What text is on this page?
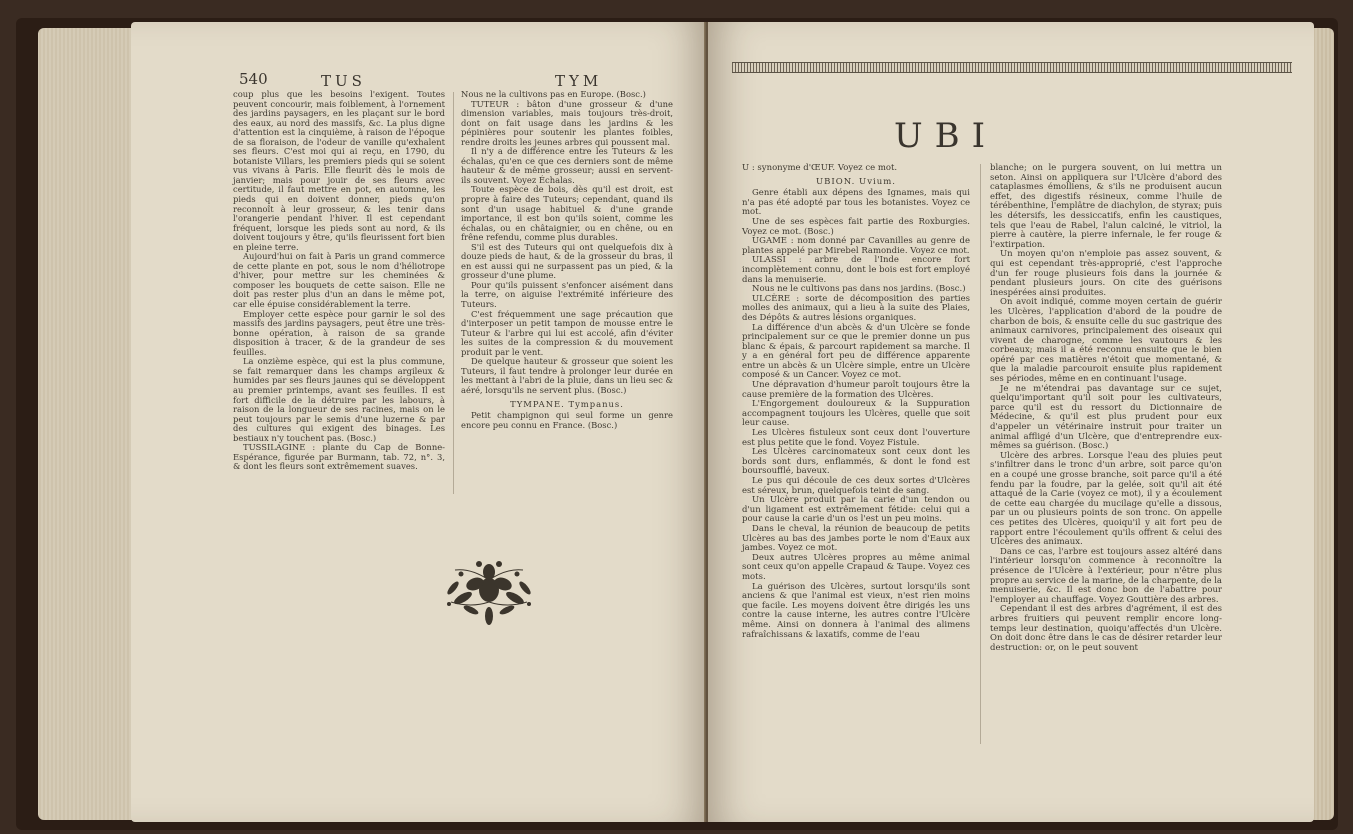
540	TUS	TYM

coup plus que les besoins l'exigent. Toutes peuvent concourir, mais foiblement, à l'ornement des jardins paysagers, en les plaçant sur le bord des eaux, au nord des massifs, &c. La plus digne d'attention est la cinquième, à raison de l'époque de sa floraison, de l'odeur de vanille qu'exhalent ses fleurs. C'est moi qui ai reçu, en 1790, du botaniste Villars, les premiers pieds qui se soient vus vivans à Paris. Elle fleurit dès le mois de janvier; mais pour jouir de ses fleurs avec certitude, il faut mettre en pot, en automne, les pieds qui en doivent donner, pieds qu'on reconnoît à leur grosseur, & les tenir dans l'orangerie pendant l'hiver. Il est cependant fréquent, lorsque les pieds sont au nord, & ils doivent toujours y être, qu'ils fleurissent fort bien en pleine terre.

Aujourd'hui on fait à Paris un grand commerce de cette plante en pot, sous le nom d'héliotrope d'hiver, pour mettre sur les cheminées & composer les bouquets de cette saison. Elle ne doit pas rester plus d'un an dans le même pot, car elle épuise considérablement la terre.

Employer cette espèce pour garnir le sol des massifs des jardins paysagers, peut être une très-bonne opération, à raison de sa grande disposition à tracer, & de la grandeur de ses feuilles.

La onzième espèce, qui est la plus commune, se fait remarquer dans les champs argileux & humides par ses fleurs jaunes qui se développent au premier printemps, avant ses feuilles. Il est fort difficile de la détruire par les labours, à raison de la longueur de ses racines, mais on le peut toujours par le semis d'une luzerne & par des cultures qui exigent des binages. Les bestiaux n'y touchent pas. (Bosc.)

TUSSILAGINE : plante du Cap de Bonne-Espérance, figurée par Burmann, tab. 72, n°. 3, & dont les fleurs sont extrêmement suaves.

Nous ne la cultivons pas en Europe. (Bosc.)

TUTEUR : bâton d'une grosseur & d'une dimension variables, mais toujours très-droit, dont on fait usage dans les jardins & les pépinières pour soutenir les plantes foibles, rendre droits les jeunes arbres qui poussent mal.

Il n'y a de différence entre les Tuteurs & les échalas, qu'en ce que ces derniers sont de même hauteur & de même grosseur; aussi en servent-ils souvent. Voyez Échalas.

Toute espèce de bois, dès qu'il est droit, est propre à faire des Tuteurs; cependant, quand ils sont d'un usage habituel & d'une grande importance, il est bon qu'ils soient, comme les échalas, ou en châtaignier, ou en chêne, ou en frêne refendu, comme plus durables.

S'il est des Tuteurs qui ont quelquefois dix à douze pieds de haut, & de la grosseur du bras, il en est aussi qui ne surpassent pas un pied, & la grosseur d'une plume.

Pour qu'ils puissent s'enfoncer aisément dans la terre, on aiguise l'extrémité inférieure des Tuteurs.

C'est fréquemment une sage précaution que d'interposer un petit tampon de mousse entre le Tuteur & l'arbre qui lui est accolé, afin d'éviter les suites de la compression & du mouvement produit par le vent.

De quelque hauteur & grosseur que soient les Tuteurs, il faut tendre à prolonger leur durée en les mettant à l'abri de la pluie, dans un lieu sec & aéré, lorsqu'ils ne servent plus. (Bosc.)

TYMPANE. Tympanus.

Petit champignon qui seul forme un genre encore peu connu en France. (Bosc.)

UBI

U : synonyme d'ŒUF. Voyez ce mot.

UBION. Uvium.

Genre établi aux dépens des Ignames, mais qui n'a pas été adopté par tous les botanistes. Voyez ce mot.

Une de ses espèces fait partie des Roxburgies. Voyez ce mot. (Bosc.)

UGAME : nom donné par Cavanilles au genre de plantes appelé par Mirebel Ramondie. Voyez ce mot.

ULASSI : arbre de l'Inde encore fort incomplètement connu, dont le bois est fort employé dans la menuiserie.

Nous ne le cultivons pas dans nos jardins. (Bosc.)

ULCÈRE : sorte de décomposition des parties molles des animaux, qui a lieu à la suite des Plaies, des Dépôts & autres lésions organiques.

La différence d'un abcès & d'un Ulcère se fonde principalement sur ce que le premier donne un pus blanc & épais, & parcourt rapidement sa marche. Il y a en général fort peu de différence apparente entre un abcès & un Ulcère simple, entre un Ulcère composé & un Cancer. Voyez ce mot.

Une dépravation d'humeur paroît toujours être la cause première de la formation des Ulcères.

L'Engorgement douloureux & la Suppuration accompagnent toujours les Ulcères, quelle que soit leur cause.

Les Ulcères fistuleux sont ceux dont l'ouverture est plus petite que le fond. Voyez Fistule.

Les Ulcères carcinomateux sont ceux dont les bords sont durs, enflammés, & dont le fond est boursoufflé, baveux.

Le pus qui découle de ces deux sortes d'Ulcères est séreux, brun, quelquefois teint de sang.

Un Ulcère produit par la carie d'un tendon ou d'un ligament est extrêmement fétide: celui qui a pour cause la carie d'un os l'est un peu moins.

Dans le cheval, la réunion de beaucoup de petits Ulcères au bas des jambes porte le nom d'Eaux aux jambes. Voyez ce mot.

Deux autres Ulcères propres au même animal sont ceux qu'on appelle Crapaud & Taupe. Voyez ces mots.

La guérison des Ulcères, surtout lorsqu'ils sont anciens & que l'animal est vieux, n'est rien moins que facile. Les moyens doivent être dirigés les uns contre la cause interne, les autres contre l'Ulcère même. Ainsi on donnera à l'animal des alimens rafraîchissans & laxatifs, comme de l'eau

blanche; on le purgera souvent, on lui mettra un seton. Ainsi on appliquera sur l'Ulcère d'abord des cataplasmes émolliens, & s'ils ne produisent aucun effet, des digestifs résineux, comme l'huile de térébenthine, l'emplâtre de diachylon, de styrax; puis les détersifs, les dessiccatifs, enfin les caustiques, tels que l'eau de Rabel, l'alun calciné, le vitriol, la pierre à cautère, la pierre infernale, le fer rouge & l'extirpation.

Un moyen qu'on n'emploie pas assez souvent, & qui est cependant très-approprié, c'est l'approche d'un fer rouge plusieurs fois dans la journée & pendant plusieurs jours. On cite des guérisons inespérées ainsi produites.

On avoit indiqué, comme moyen certain de guérir les Ulcères, l'application d'abord de la poudre de charbon de bois, & ensuite celle du suc gastrique des animaux carnivores, principalement des oiseaux qui vivent de charogne, comme les vautours & les corbeaux; mais il a été reconnu ensuite que le bien opéré par ces matières n'étoit que momentané, & que la maladie parcouroit ensuite plus rapidement ses périodes, même en en continuant l'usage.

Je ne m'étendrai pas davantage sur ce sujet, quelqu'important qu'il soit pour les cultivateurs, parce qu'il est du ressort du Dictionnaire de Médecine, & qu'il est plus prudent pour eux d'appeler un vétérinaire instruit pour traiter un animal affligé d'un Ulcère, que d'entreprendre eux-mêmes sa guérison. (Bosc.)

Ulcère des arbres. Lorsque l'eau des pluies peut s'infiltrer dans le tronc d'un arbre, soit parce qu'on en a coupé une grosse branche, soit parce qu'il a été fendu par la foudre, par la gelée, soit qu'il ait été attaqué de la Carie (voyez ce mot), il y a écoulement de cette eau chargée du mucilage qu'elle a dissous, par un ou plusieurs points de son tronc. On appelle ces petites des Ulcères, quoiqu'il y ait fort peu de rapport entre l'écoulement qu'ils offrent & celui des Ulcères des animaux.

Dans ce cas, l'arbre est toujours assez altéré dans l'intérieur lorsqu'on commence à reconnoître la présence de l'Ulcère à l'extérieur, pour n'être plus propre au service de la marine, de la charpente, de la menuiserie, &c. Il est donc bon de l'abattre pour l'employer au chauffage. Voyez Gouttière des arbres.

Cependant il est des arbres d'agrément, il est des arbres fruitiers qui peuvent remplir encore long-temps leur destination, quoiqu'affectés d'un Ulcère. On doit donc être dans le cas de désirer retarder leur destruction: or, on le peut souvent
